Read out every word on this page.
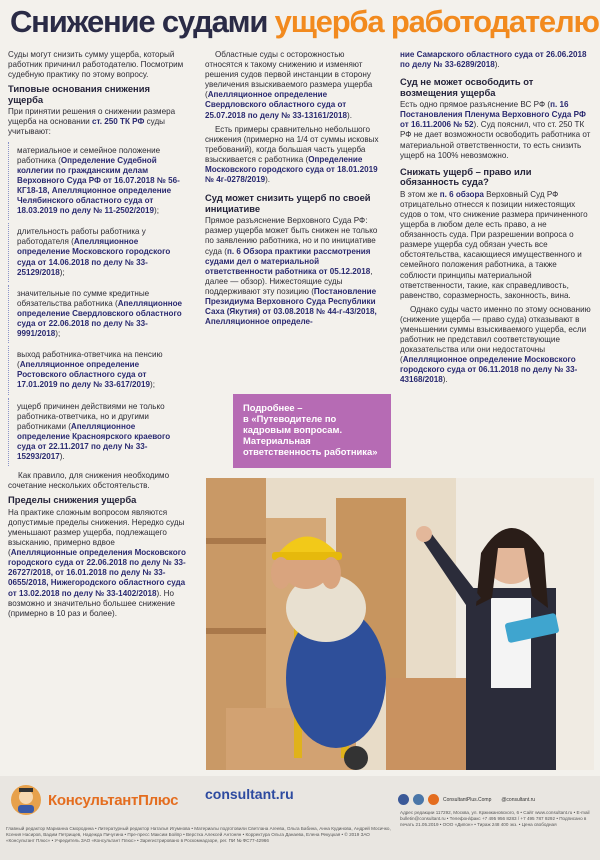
Снижение судами ущерба работодателю

Суды могут снизить сумму ущерба, который работник причинил работодателю. Посмотрим судебную практику по этому вопросу.

Типовые основания снижения ущерба

При принятии решения о снижении размера ущерба на основании ст. 250 ТК РФ суды учитывают:

материальное и семейное положение работника (Определение Судебной коллегии по гражданским делам Верховного Суда РФ от 16.07.2018 № 56-КГ18-18, Апелляционное определение Челябинского областного суда от 18.03.2019 по делу № 11-2502/2019);
длительность работы работника у работодателя (Апелляционное определение Московского городского суда от 14.06.2018 по делу № 33-25129/2018);
значительные по сумме кредитные обязательства работника (Апелляционное определение Свердловского областного суда от 22.06.2018 по делу № 33-9991/2018);
выход работника-ответчика на пенсию (Апелляционное определение Ростовского областного суда от 17.01.2019 по делу № 33-617/2019);
ущерб причинен действиями не только работника-ответчика, но и другими работниками (Апелляционное определение Красноярского краевого суда от 22.11.2017 по делу № 33-15293/2017).

Как правило, для снижения необходимо сочетание нескольких обстоятельств.

Пределы снижения ущерба

На практике сложным вопросом являются допустимые пределы снижения. Нередко суды уменьшают размер ущерба, подлежащего взысканию, примерно вдвое (Апелляционные определения Московского городского суда от 22.06.2018 по делу № 33-26727/2018, от 16.01.2018 по делу № 33-0655/2018, Нижегородского областного суда от 13.02.2018 по делу № 33-1402/2018). Но возможно и значительно большее снижение (примерно в 10 раз и более).

Областные суды с осторожностью относятся к такому снижению и изменяют решения судов первой инстанции в сторону увеличения взыскиваемого размера ущерба (Апелляционное определение Свердловского областного суда от 25.07.2018 по делу № 33-13161/2018).

Есть примеры сравнительно небольшого снижения (примерно на 1/4 от суммы исковых требований), когда большая часть ущерба взыскивается с работника (Определение Московского городского суда от 18.01.2019 № 4г-0278/2019).

Суд может снизить ущерб по своей инициативе

Прямое разъяснение Верховного Суда РФ: размер ущерба может быть снижен не только по заявлению работника, но и по инициативе суда (п. 6 Обзора практики рассмотрения судами дел о материальной ответственности работника от 05.12.2018, далее — обзор). Нижестоящие суды поддерживают эту позицию (Постановление Президиума Верховного Суда Республики Саха (Якутия) от 03.08.2018 № 44-г-43/2018, Апелляционное определе-

Подробнее –
в «Путеводителе по кадровым вопросам. Материальная ответственность работника»

ние Самарского областного суда от 26.06.2018 по делу № 33-6289/2018).

Суд не может освободить от возмещения ущерба

Есть одно прямое разъяснение ВС РФ (п. 16 Постановления Пленума Верховного Суда РФ от 16.11.2006 № 52). Суд пояснил, что ст. 250 ТК РФ не дает возможности освободить работника от материальной ответственности, то есть снизить ущерб на 100% невозможно.

Снижать ущерб – право или обязанность суда?

В этом же п. 6 обзора Верховный Суд РФ отрицательно отнесся к позиции нижестоящих судов о том, что снижение размера причиненного ущерба в любом деле есть право, а не обязанность суда. При разрешении вопроса о размере ущерба суд обязан учесть все обстоятельства, касающиеся имущественного и семейного положения работника, а также соблюсти принципы материальной ответственности, такие, как справедливость, равенство, соразмерность, законность, вина.

Однако суды часто именно по этому основанию (снижение ущерба — право суда) отказывают в уменьшении суммы взыскиваемого ущерба, если работник не представил соответствующие доказательства или они недостаточны (Апелляционное определение Московского городского суда от 06.11.2018 по делу № 33-43168/2018).

КонсультантПлюс consultant.ru	ConsultantPlus.Comp @consultant.ru
Главный редактор Марианна Смородина • Литературный редактор Наталья Игумнова • Материалы подготовили Светлана Агеева, Ольга Бабина, Анна Кудинова, Андрей Мосичко, Ксения Насиров, Вадим Петрищев, Надежда Пичугина • Пре-пресс Максим Бойпр • Верстка Алексей Антонян • Корректура Ольга Данаева, Елена Рекуцкая • © 2019 ЗАО «Консультант Плюс» • Учредитель ЗАО «Консультант Плюс» • Зарегистрировано в Роскомнадзоре, рег. ПИ № ФС77-42966
Адрес редакции 117292, Москва, ул. Кржижановского, 6 • Сайт www.consultant.ru • E-mail bulletin@consultant.ru • Телефон/факс +7 495 956 8283 / +7 495 787 9292 • Подписано в печать 21.05.2019 • ООО «Дипон» • Тираж 248 400 экз. • Цена свободная
